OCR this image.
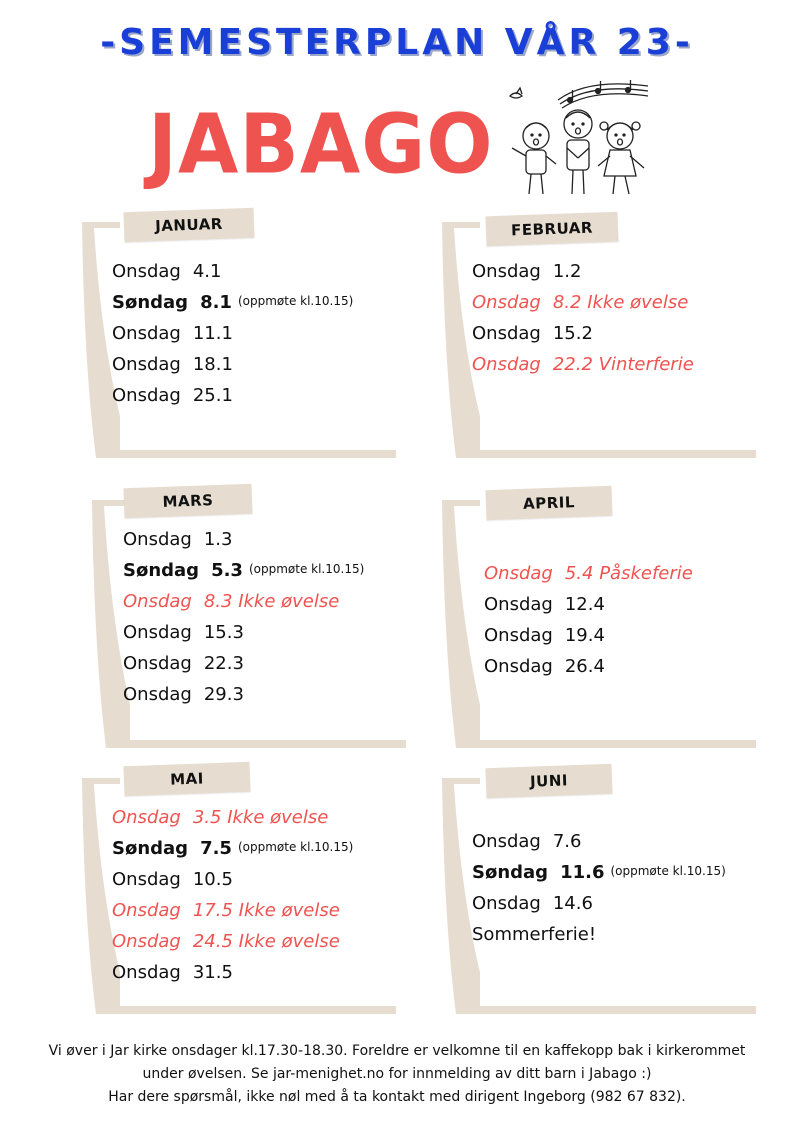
-SEMESTERPLAN VÅR 23-
JABAGO
JANUAR
Onsdag 4.1
Søndag 8.1 (oppmøte kl.10.15)
Onsdag 11.1
Onsdag 18.1
Onsdag 25.1
FEBRUAR
Onsdag 1.2
Onsdag 8.2 Ikke øvelse
Onsdag 15.2
Onsdag 22.2 Vinterferie
MARS
Onsdag 1.3
Søndag 5.3 (oppmøte kl.10.15)
Onsdag 8.3 Ikke øvelse
Onsdag 15.3
Onsdag 22.3
Onsdag 29.3
APRIL
Onsdag 5.4 Påskeferie
Onsdag 12.4
Onsdag 19.4
Onsdag 26.4
MAI
Onsdag 3.5 Ikke øvelse
Søndag 7.5 (oppmøte kl.10.15)
Onsdag 10.5
Onsdag 17.5 Ikke øvelse
Onsdag 24.5 Ikke øvelse
Onsdag 31.5
JUNI
Onsdag 7.6
Søndag 11.6 (oppmøte kl.10.15)
Onsdag 14.6
Sommerferie!
Vi øver i Jar kirke onsdager kl.17.30-18.30. Foreldre er velkomne til en kaffekopp bak i kirkerommet
under øvelsen. Se jar-menighet.no for innmelding av ditt barn i Jabago :)
Har dere spørsmål, ikke nøl med å ta kontakt med dirigent Ingeborg (982 67 832).
